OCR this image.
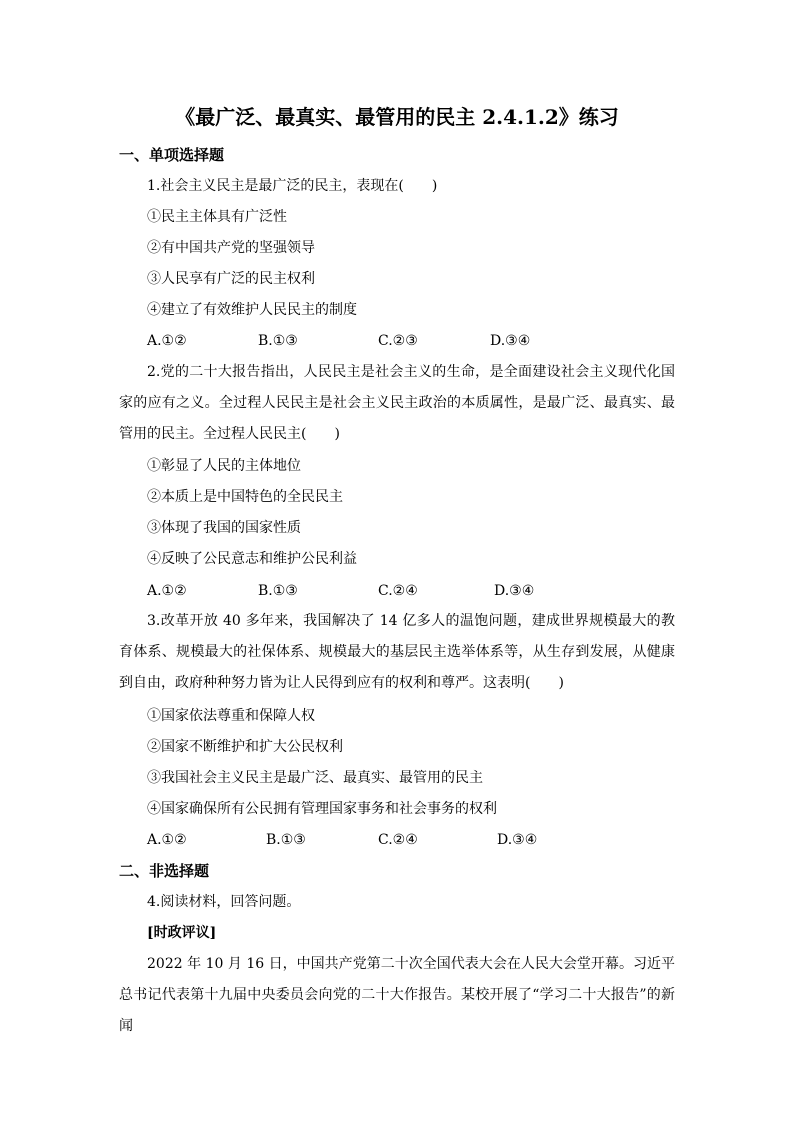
《最广泛、最真实、最管用的民主 2.4.1.2》练习
一、单项选择题
1.社会主义民主是最广泛的民主，表现在(　　)
①民主主体具有广泛性
②有中国共产党的坚强领导
③人民享有广泛的民主权利
④建立了有效维护人民民主的制度
A.①②	B.①③	C.②③	D.③④
2.党的二十大报告指出，人民民主是社会主义的生命，是全面建设社会主义现代化国家的应有之义。全过程人民民主是社会主义民主政治的本质属性，是最广泛、最真实、最管用的民主。全过程人民民主(　　)
①彰显了人民的主体地位
②本质上是中国特色的全民民主
③体现了我国的国家性质
④反映了公民意志和维护公民利益
A.①②	B.①③	C.②④	D.③④
3.改革开放 40 多年来，我国解决了 14 亿多人的温饱问题，建成世界规模最大的教育体系、规模最大的社保体系、规模最大的基层民主选举体系等，从生存到发展，从健康到自由，政府种种努力皆为让人民得到应有的权利和尊严。这表明(　　)
①国家依法尊重和保障人权
②国家不断维护和扩大公民权利
③我国社会主义民主是最广泛、最真实、最管用的民主
④国家确保所有公民拥有管理国家事务和社会事务的权利
A.①②	B.①③	C.②④	D.③④
二、非选择题
4.阅读材料，回答问题。
[时政评议]
2022 年 10 月 16 日，中国共产党第二十次全国代表大会在人民大会堂开幕。习近平总书记代表第十九届中央委员会向党的二十大作报告。某校开展了“学习二十大报告”的新闻
